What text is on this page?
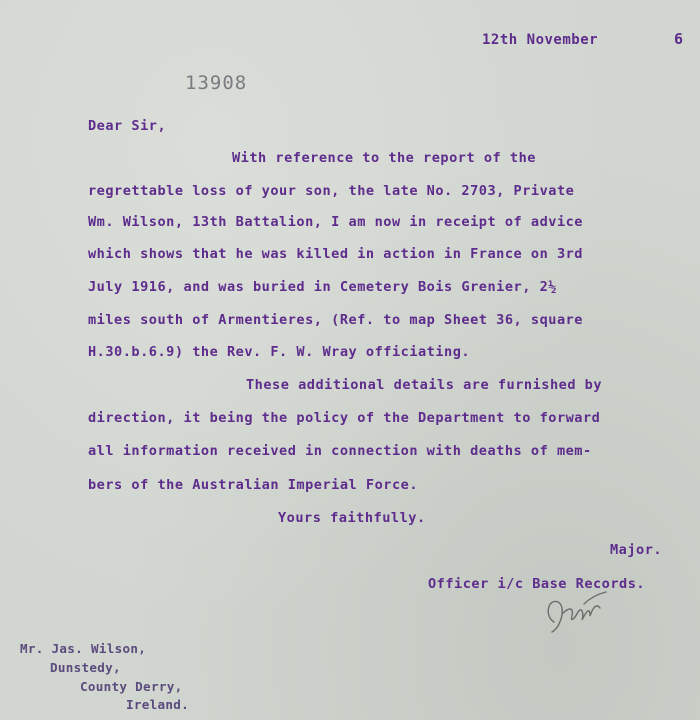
12th November	6
13908
Dear Sir,
With reference to the report of the
regrettable loss of your son, the late No. 2703, Private
Wm. Wilson, 13th Battalion, I am now in receipt of advice
which shows that he was killed in action in France on 3rd
July 1916, and was buried in Cemetery Bois Grenier, 2½
miles south of Armentieres, (Ref. to map Sheet 36, square
H.30.b.6.9) the Rev. F. W. Wray officiating.
These additional details are furnished by
direction, it being the policy of the Department to forward
all information received in connection with deaths of mem-
bers of the Australian Imperial Force.
Yours faithfully.
Major.
Officer i/c Base Records.
Mr. Jas. Wilson,
Dunstedy,
County Derry,
Ireland.
